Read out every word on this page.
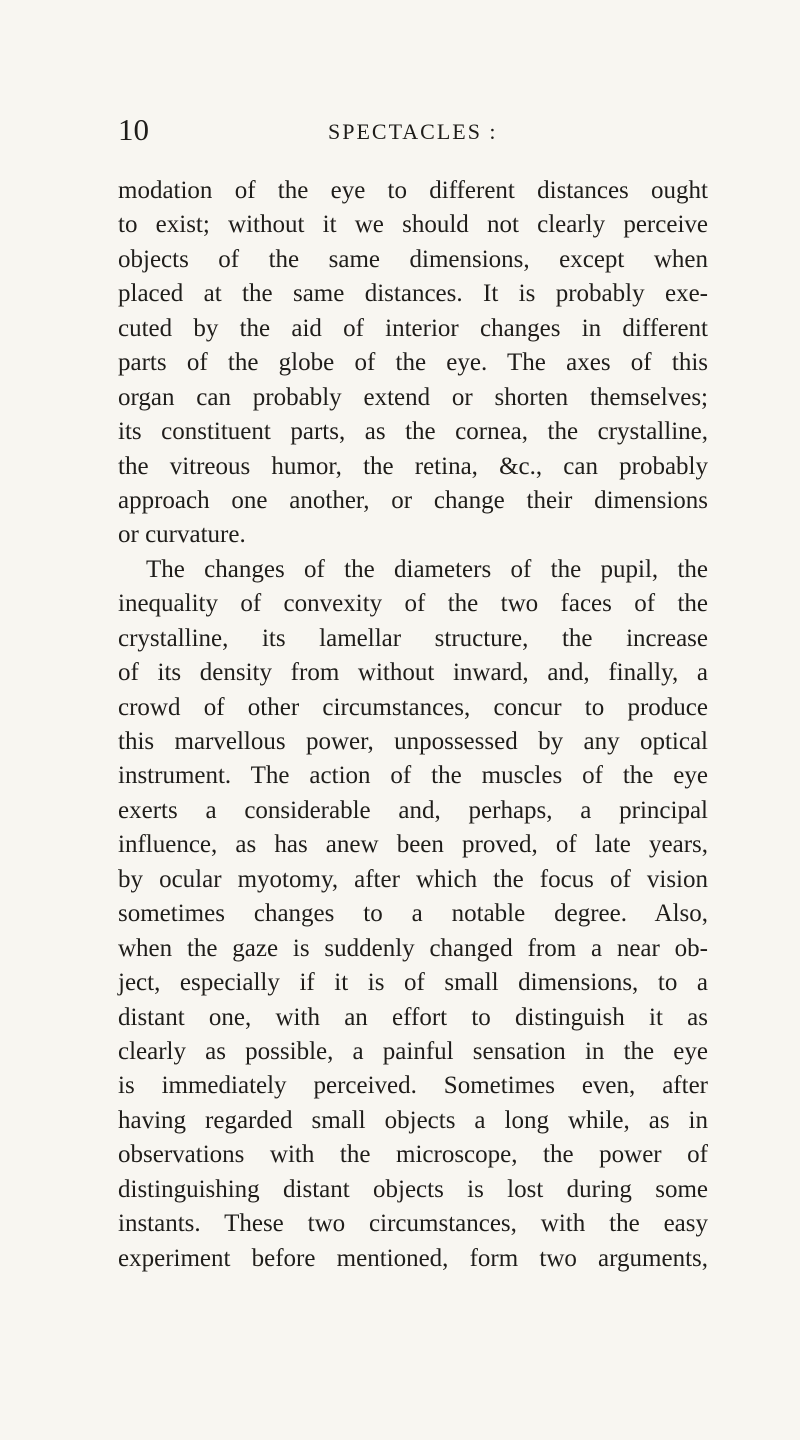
10	SPECTACLES :
modation of the eye to different distances ought
to exist; without it we should not clearly perceive
objects of the same dimensions, except when
placed at the same distances. It is probably exe-
cuted by the aid of interior changes in different
parts of the globe of the eye. The axes of this
organ can probably extend or shorten themselves;
its constituent parts, as the cornea, the crystalline,
the vitreous humor, the retina, &c., can probably
approach one another, or change their dimensions
or curvature.
The changes of the diameters of the pupil, the
inequality of convexity of the two faces of the
crystalline, its lamellar structure, the increase
of its density from without inward, and, finally, a
crowd of other circumstances, concur to produce
this marvellous power, unpossessed by any optical
instrument. The action of the muscles of the eye
exerts a considerable and, perhaps, a principal
influence, as has anew been proved, of late years,
by ocular myotomy, after which the focus of vision
sometimes changes to a notable degree. Also,
when the gaze is suddenly changed from a near ob-
ject, especially if it is of small dimensions, to a
distant one, with an effort to distinguish it as
clearly as possible, a painful sensation in the eye
is immediately perceived. Sometimes even, after
having regarded small objects a long while, as in
observations with the microscope, the power of
distinguishing distant objects is lost during some
instants. These two circumstances, with the easy
experiment before mentioned, form two arguments,
